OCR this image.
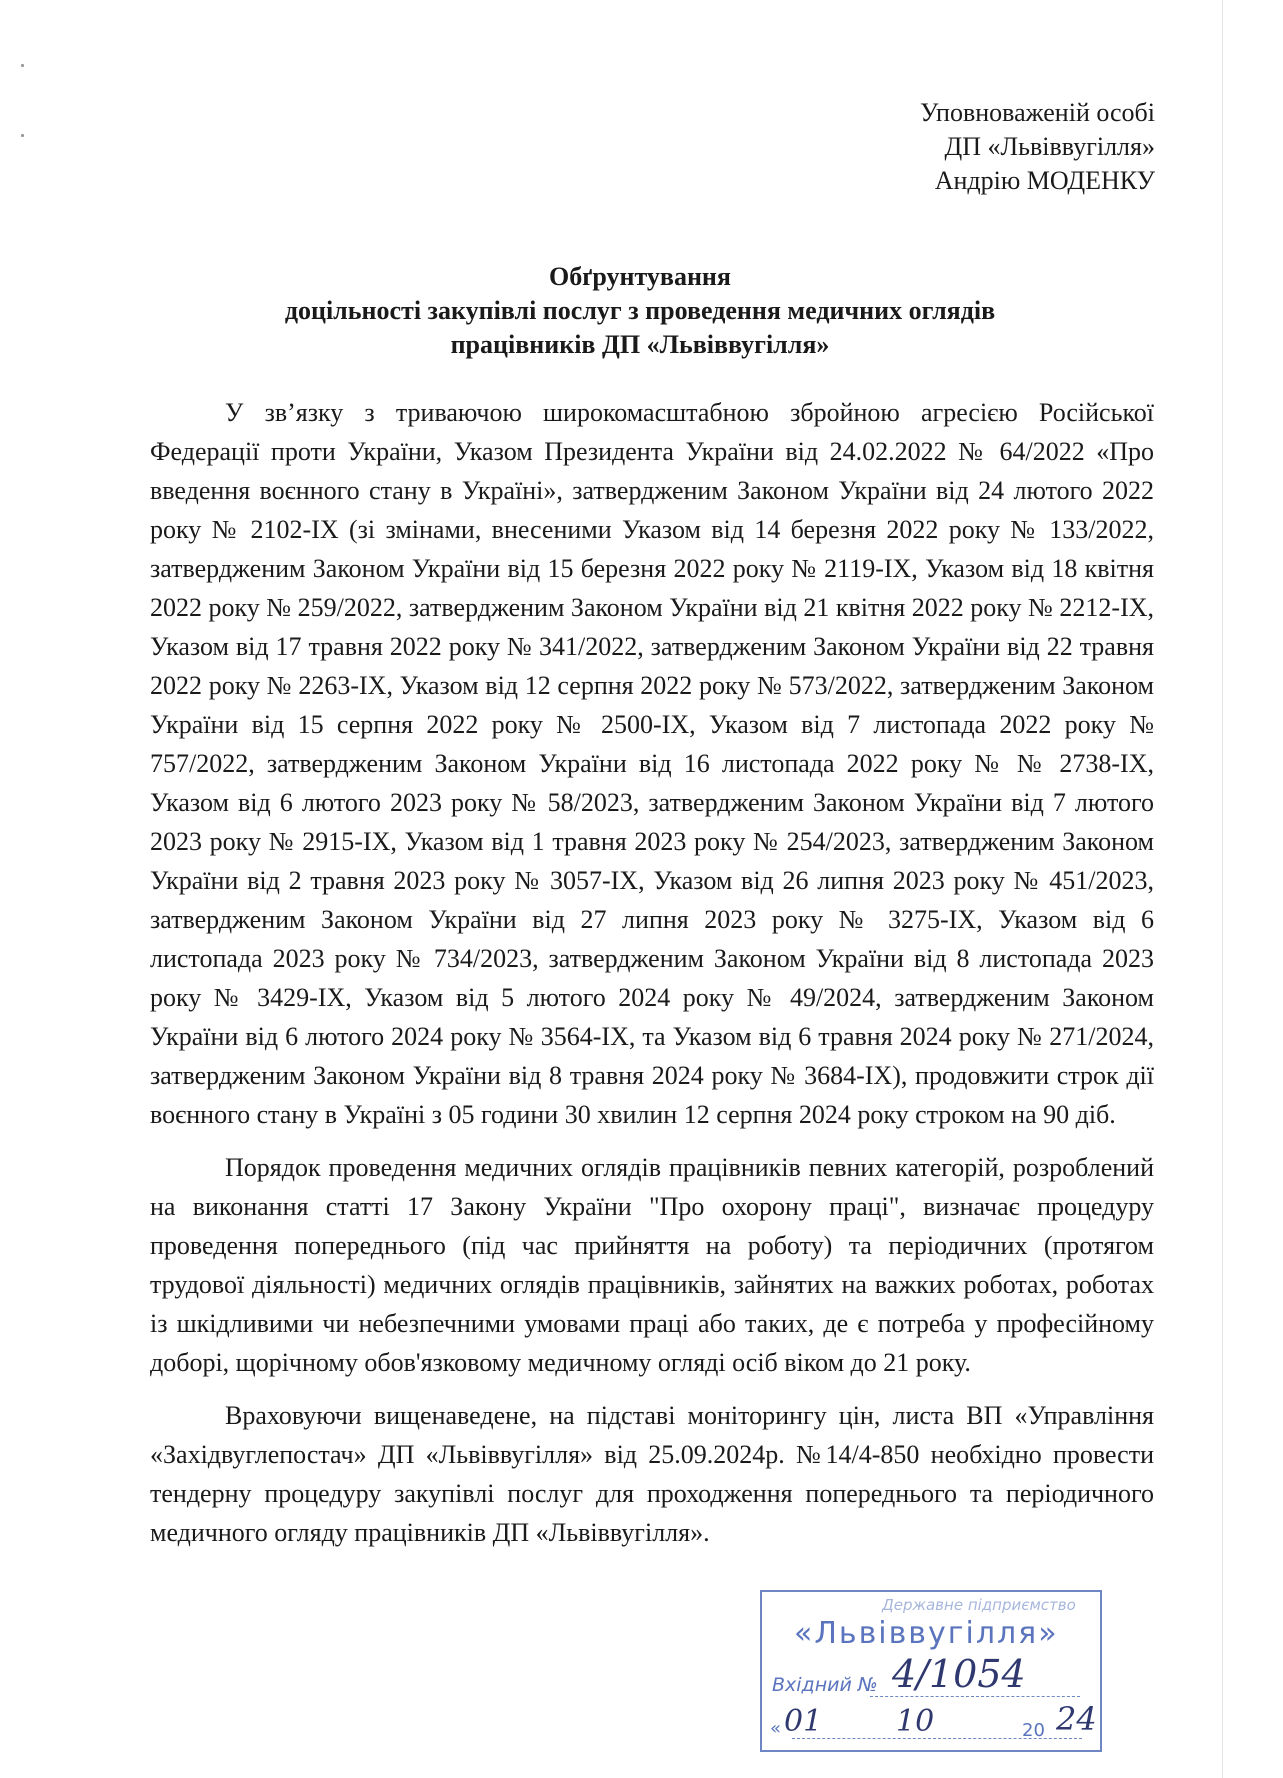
Уповноваженій особі
ДП «Львіввугілля»
Андрію МОДЕНКУ
Обґрунтування
доцільності закупівлі послуг з проведення медичних оглядів
працівників ДП «Львіввугілля»

У зв’язку з триваючою широкомасштабною збройною агресією Російської Федерації проти України, Указом Президента України від 24.02.2022 № 64/2022 «Про введення воєнного стану в Україні», затвердженим Законом України від 24 лютого 2022 року № 2102-IX (зі змінами, внесеними Указом від 14 березня 2022 року № 133/2022, затвердженим Законом України від 15 березня 2022 року № 2119-IX, Указом від 18 квітня 2022 року № 259/2022, затвердженим Законом України від 21 квітня 2022 року № 2212-IX, Указом від 17 травня 2022 року № 341/2022, затвердженим Законом України від 22 травня 2022 року № 2263-IX, Указом від 12 серпня 2022 року № 573/2022, затвердженим Законом України від 15 серпня 2022 року № 2500-IX, Указом від 7 листопада 2022 року № 757/2022, затвердженим Законом України від 16 листопада 2022 року № № 2738-IX, Указом від 6 лютого 2023 року № 58/2023, затвердженим Законом України від 7 лютого 2023 року № 2915-IX, Указом від 1 травня 2023 року № 254/2023, затвердженим Законом України від 2 травня 2023 року № 3057-IX, Указом від 26 липня 2023 року № 451/2023, затвердженим Законом України від 27 липня 2023 року № 3275-IX, Указом від 6 листопада 2023 року № 734/2023, затвердженим Законом України від 8 листопада 2023 року № 3429-IX, Указом від 5 лютого 2024 року № 49/2024, затвердженим Законом України від 6 лютого 2024 року № 3564-IX, та Указом від 6 травня 2024 року № 271/2024, затвердженим Законом України від 8 травня 2024 року № 3684-IX), продовжити строк дії воєнного стану в Україні з 05 години 30 хвилин 12 серпня 2024 року строком на 90 діб.

Порядок проведення медичних оглядів працівників певних категорій, розроблений на виконання статті 17 Закону України "Про охорону праці", визначає процедуру проведення попереднього (під час прийняття на роботу) та періодичних (протягом трудової діяльності) медичних оглядів працівників, зайнятих на важких роботах, роботах із шкідливими чи небезпечними умовами праці або таких, де є потреба у професійному доборі, щорічному обов'язковому медичному огляді осіб віком до 21 року.

Враховуючи вищенаведене, на підставі моніторингу цін, листа ВП «Управління «Західвуглепостач» ДП «Львіввугілля» від 25.09.2024р. №14/4-850 необхідно провести тендерну процедуру закупівлі послуг для проходження попереднього та періодичного медичного огляду працівників ДП «Львіввугілля».

Державне підприємство
«Львіввугілля»
Вхідний № 4/1054
« 01 10	20 24
